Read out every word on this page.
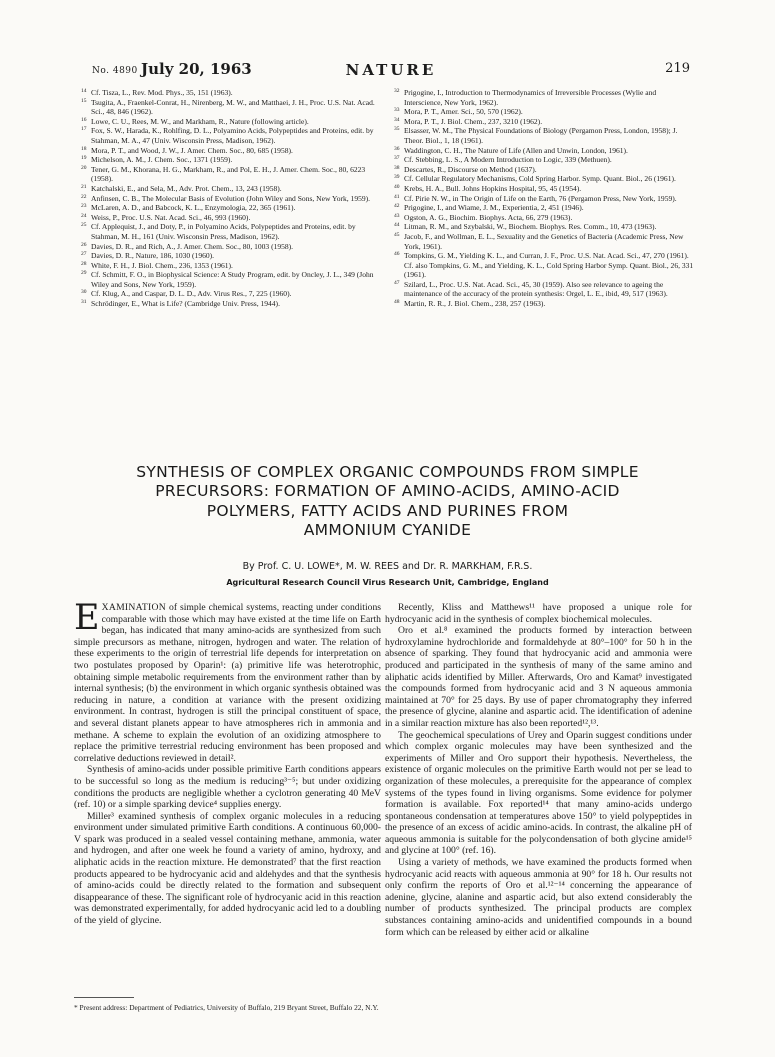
No. 4890 July 20, 1963	NATURE	219
14 Cf. Tisza, L., Rev. Mod. Phys., 35, 151 (1963).
15 Tsugita, A., Fraenkel-Conrat, H., Nirenberg, M. W., and Matthaei, J. H., Proc. U.S. Nat. Acad. Sci., 48, 846 (1962).
16 Lowe, C. U., Rees, M. W., and Markham, R., Nature (following article).
17 Fox, S. W., Harada, K., Rohlfing, D. L., Polyamino Acids, Polypeptides and Proteins, edit. by Stahman, M. A., 47 (Univ. Wisconsin Press, Madison, 1962).
18 Mora, P. T., and Wood, J. W., J. Amer. Chem. Soc., 80, 685 (1958).
19 Michelson, A. M., J. Chem. Soc., 1371 (1959).
20 Tener, G. M., Khorana, H. G., Markham, R., and Pol, E. H., J. Amer. Chem. Soc., 80, 6223 (1958).
21 Katchalski, E., and Sela, M., Adv. Prot. Chem., 13, 243 (1958).
22 Anfinsen, C. B., The Molecular Basis of Evolution (John Wiley and Sons, New York, 1959).
23 McLaren, A. D., and Babcock, K. L., Enzymologia, 22, 365 (1961).
24 Weiss, P., Proc. U.S. Nat. Acad. Sci., 46, 993 (1960).
25 Cf. Applequist, J., and Doty, P., in Polyamino Acids, Polypeptides and Proteins, edit. by Stahman, M. H., 161 (Univ. Wisconsin Press, Madison, 1962).
26 Davies, D. R., and Rich, A., J. Amer. Chem. Soc., 80, 1003 (1958).
27 Davies, D. R., Nature, 186, 1030 (1960).
28 White, F. H., J. Biol. Chem., 236, 1353 (1961).
29 Cf. Schmitt, F. O., in Biophysical Science: A Study Program, edit. by Oncley, J. L., 349 (John Wiley and Sons, New York, 1959).
30 Cf. Klug, A., and Caspar, D. L. D., Adv. Virus Res., 7, 225 (1960).
31 Schrödinger, E., What is Life? (Cambridge Univ. Press, 1944).
32 Prigogine, I., Introduction to Thermodynamics of Irreversible Processes (Wylie and Interscience, New York, 1962).
33 Mora, P. T., Amer. Sci., 50, 570 (1962).
34 Mora, P. T., J. Biol. Chem., 237, 3210 (1962).
35 Elsasser, W. M., The Physical Foundations of Biology (Pergamon Press, London, 1958); J. Theor. Biol., 1, 18 (1961).
36 Waddington, C. H., The Nature of Life (Allen and Unwin, London, 1961).
37 Cf. Stebbing, L. S., A Modern Introduction to Logic, 339 (Methuen).
38 Descartes, R., Discourse on Method (1637).
39 Cf. Cellular Regulatory Mechanisms, Cold Spring Harbor. Symp. Quant. Biol., 26 (1961).
40 Krebs, H. A., Bull. Johns Hopkins Hospital, 95, 45 (1954).
41 Cf. Pirie N. W., in The Origin of Life on the Earth, 76 (Pergamon Press, New York, 1959).
42 Prigogine, I., and Wiame, J. M., Experientia, 2, 451 (1946).
43 Ogston, A. G., Biochim. Biophys. Acta, 66, 279 (1963).
44 Litman, R. M., and Szybalski, W., Biochem. Biophys. Res. Comm., 10, 473 (1963).
45 Jacob, F., and Wollman, E. L., Sexuality and the Genetics of Bacteria (Academic Press, New York, 1961).
46 Tompkins, G. M., Yielding K. L., and Curran, J. F., Proc. U.S. Nat. Acad. Sci., 47, 270 (1961). Cf. also Tompkins, G. M., and Yielding, K. L., Cold Spring Harbor Symp. Quant. Biol., 26, 331 (1961).
47 Szilard, L., Proc. U.S. Nat. Acad. Sci., 45, 30 (1959). Also see relevance to ageing the maintenance of the accuracy of the protein synthesis: Orgel, L. E., ibid, 49, 517 (1963).
48 Martin, R. R., J. Biol. Chem., 238, 257 (1963).
SYNTHESIS OF COMPLEX ORGANIC COMPOUNDS FROM SIMPLE
PRECURSORS: FORMATION OF AMINO-ACIDS, AMINO-ACID
POLYMERS, FATTY ACIDS AND PURINES FROM
AMMONIUM CYANIDE
By Prof. C. U. LOWE*, M. W. REES and Dr. R. MARKHAM, F.R.S.
Agricultural Research Council Virus Research Unit, Cambridge, England

EXAMINATION of simple chemical systems, reacting under conditions comparable with those which may have existed at the time life on Earth began, has indicated that many amino-acids are synthesized from such simple precursors as methane, nitrogen, hydrogen and water. The relation of these experiments to the origin of terrestrial life depends for interpretation on two postulates proposed by Oparin¹: (a) primitive life was heterotrophic, obtaining simple metabolic requirements from the environment rather than by internal synthesis; (b) the environment in which organic synthesis obtained was reducing in nature, a condition at variance with the present oxidizing environment. In contrast, hydrogen is still the principal constituent of space, and several distant planets appear to have atmospheres rich in ammonia and methane. A scheme to explain the evolution of an oxidizing atmosphere to replace the primitive terrestrial reducing environment has been proposed and correlative deductions reviewed in detail².

Synthesis of amino-acids under possible primitive Earth conditions appears to be successful so long as the medium is reducing³⁻⁵; but under oxidizing conditions the products are negligible whether a cyclotron generating 40 MeV (ref. 10) or a simple sparking device⁴ supplies energy.

Miller³ examined synthesis of complex organic molecules in a reducing environment under simulated primitive Earth conditions. A continuous 60,000-V spark was produced in a sealed vessel containing methane, ammonia, water and hydrogen, and after one week he found a variety of amino, hydroxy, and aliphatic acids in the reaction mixture. He demonstrated⁷ that the first reaction products appeared to be hydrocyanic acid and aldehydes and that the synthesis of amino-acids could be directly related to the formation and subsequent disappearance of these. The significant role of hydrocyanic acid in this reaction was demonstrated experimentally, for added hydrocyanic acid led to a doubling of the yield of glycine.

* Present address: Department of Pediatrics, University of Buffalo, 219 Bryant Street, Buffalo 22, N.Y.

Recently, Kliss and Matthews¹¹ have proposed a unique role for hydrocyanic acid in the synthesis of complex biochemical molecules.

Oro et al.⁸ examined the products formed by interaction between hydroxylamine hydrochloride and formaldehyde at 80°–100° for 50 h in the absence of sparking. They found that hydrocyanic acid and ammonia were produced and participated in the synthesis of many of the same amino and aliphatic acids identified by Miller. Afterwards, Oro and Kamat⁹ investigated the compounds formed from hydrocyanic acid and 3 N aqueous ammonia maintained at 70° for 25 days. By use of paper chromatography they inferred the presence of glycine, alanine and aspartic acid. The identification of adenine in a similar reaction mixture has also been reported¹²,¹³.

The geochemical speculations of Urey and Oparin suggest conditions under which complex organic molecules may have been synthesized and the experiments of Miller and Oro support their hypothesis. Nevertheless, the existence of organic molecules on the primitive Earth would not per se lead to organization of these molecules, a prerequisite for the appearance of complex systems of the types found in living organisms. Some evidence for polymer formation is available. Fox reported¹⁴ that many amino-acids undergo spontaneous condensation at temperatures above 150° to yield polypeptides in the presence of an excess of acidic amino-acids. In contrast, the alkaline pH of aqueous ammonia is suitable for the polycondensation of both glycine amide¹⁵ and glycine at 100° (ref. 16).

Using a variety of methods, we have examined the products formed when hydrocyanic acid reacts with aqueous ammonia at 90° for 18 h. Our results not only confirm the reports of Oro et al.¹²⁻¹⁴ concerning the appearance of adenine, glycine, alanine and aspartic acid, but also extend considerably the number of products synthesized. The principal products are complex substances containing amino-acids and unidentified compounds in a bound form which can be released by either acid or alkaline
